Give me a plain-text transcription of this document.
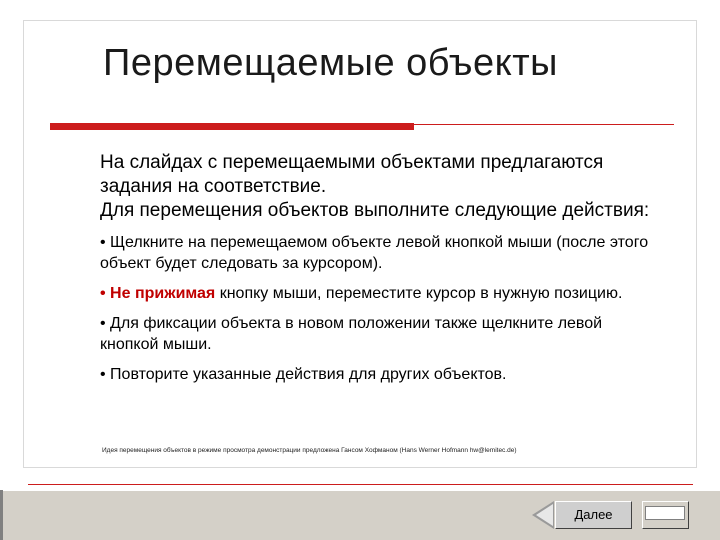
Перемещаемые объекты

На слайдах с перемещаемыми объектами предлагаются задания на соответствие.

Для перемещения объектов выполните следующие действия:

• Щелкните на перемещаемом объекте левой кнопкой мыши (после этого объект будет следовать за курсором).

• Не прижимая кнопку мыши, переместите курсор в нужную позицию.

• Для фиксации объекта в новом положении также щелкните левой кнопкой мыши.

• Повторите указанные действия для других объектов.

Идея перемещения объектов в режиме просмотра демонстрации предложена Гансом Хофманом (Hans Werner Hofmann hw@lemitec.de)
Далее
